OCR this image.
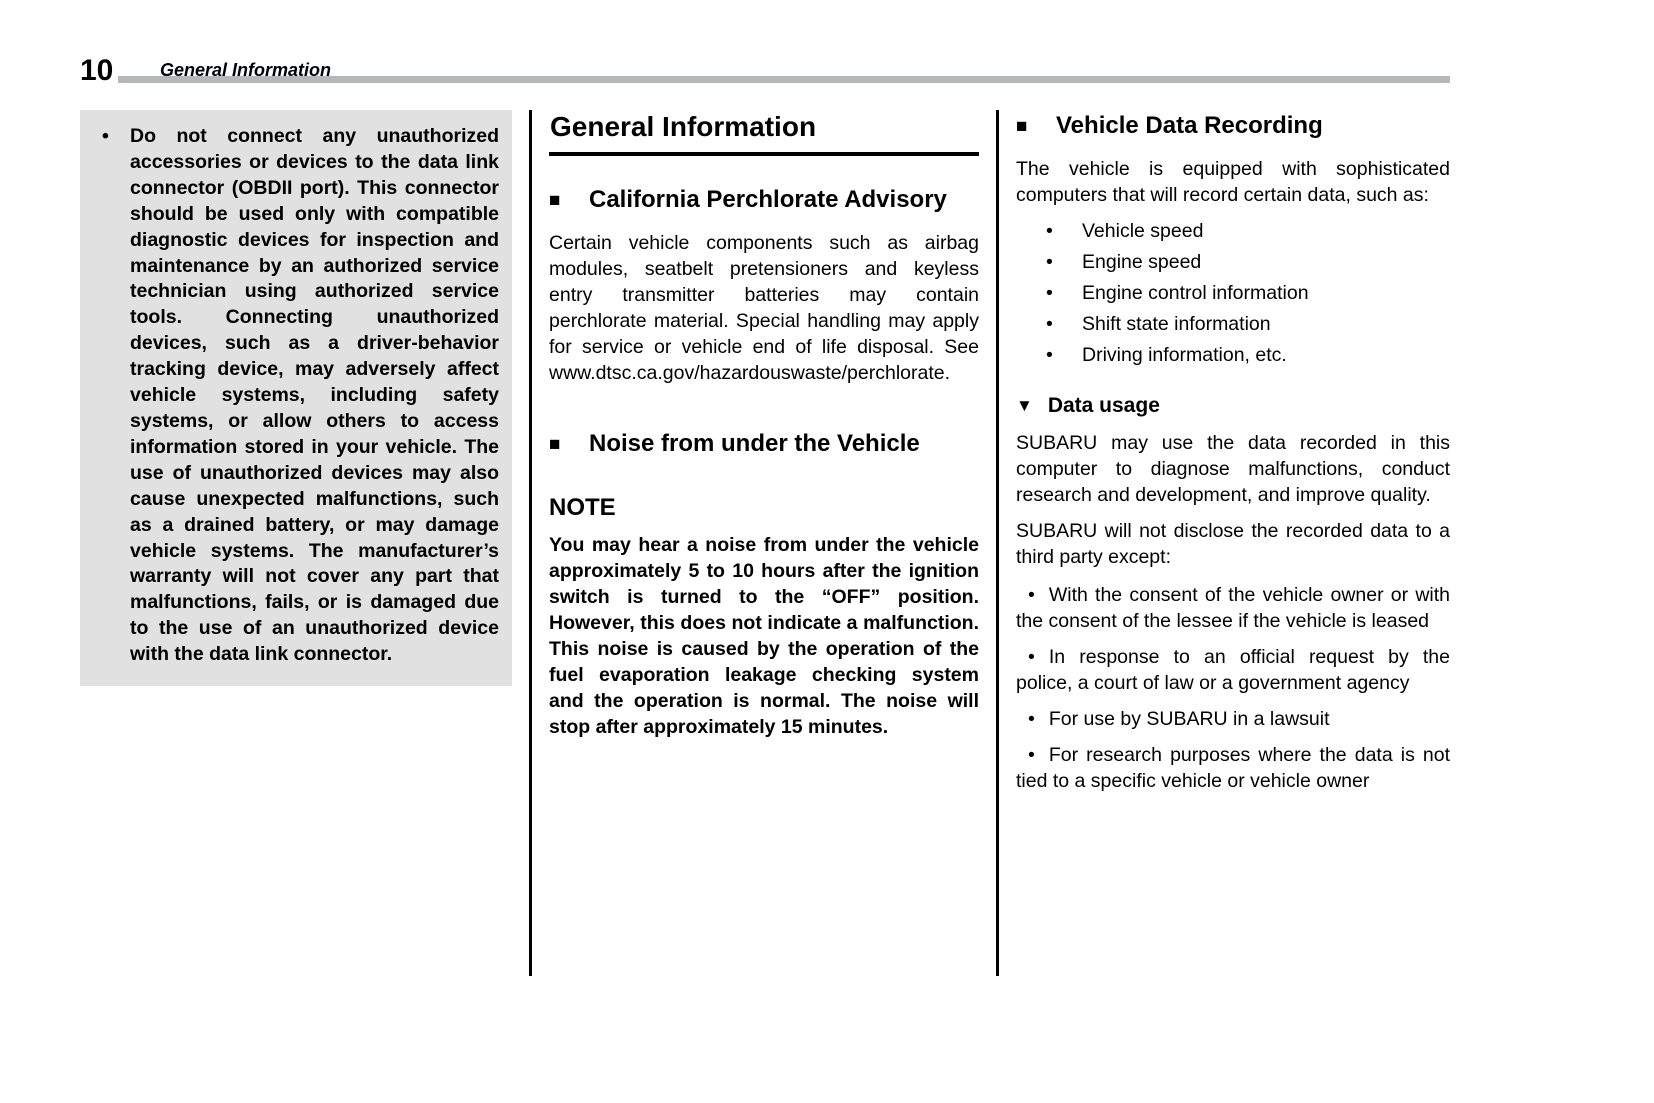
10	General Information
•	Do not connect any unauthorized accessories or devices to the data link connector (OBDII port). This connector should be used only with compatible diagnostic devices for inspection and maintenance by an authorized service technician using authorized service tools. Connecting unauthorized devices, such as a driver-behavior tracking device, may adversely affect vehicle systems, including safety systems, or allow others to access information stored in your vehicle. The use of unauthorized devices may also cause unexpected malfunctions, such as a drained battery, or may damage vehicle systems. The manufacturer’s warranty will not cover any part that malfunctions, fails, or is damaged due to the use of an unauthorized device with the data link connector.
General Information
■ California Perchlorate Advisory

Certain vehicle components such as airbag modules, seatbelt pretensioners and keyless entry transmitter batteries may contain perchlorate material. Special handling may apply for service or vehicle end of life disposal. See www.dtsc.ca.gov/hazardouswaste/perchlorate.

■ Noise from under the Vehicle
NOTE

You may hear a noise from under the vehicle approximately 5 to 10 hours after the ignition switch is turned to the “OFF” position. However, this does not indicate a malfunction. This noise is caused by the operation of the fuel evaporation leakage checking system and the operation is normal. The noise will stop after approximately 15 minutes.

■ Vehicle Data Recording

The vehicle is equipped with sophisticated computers that will record certain data, such as:

•	Vehicle speed
•	Engine speed
•	Engine control information
•	Shift state information
•	Driving information, etc.
▼ Data usage

SUBARU may use the data recorded in this computer to diagnose malfunctions, conduct research and development, and improve quality.

SUBARU will not disclose the recorded data to a third party except:

• With the consent of the vehicle owner or with the consent of the lessee if the vehicle is leased

• In response to an official request by the police, a court of law or a government agency

• For use by SUBARU in a lawsuit

• For research purposes where the data is not tied to a specific vehicle or vehicle owner
